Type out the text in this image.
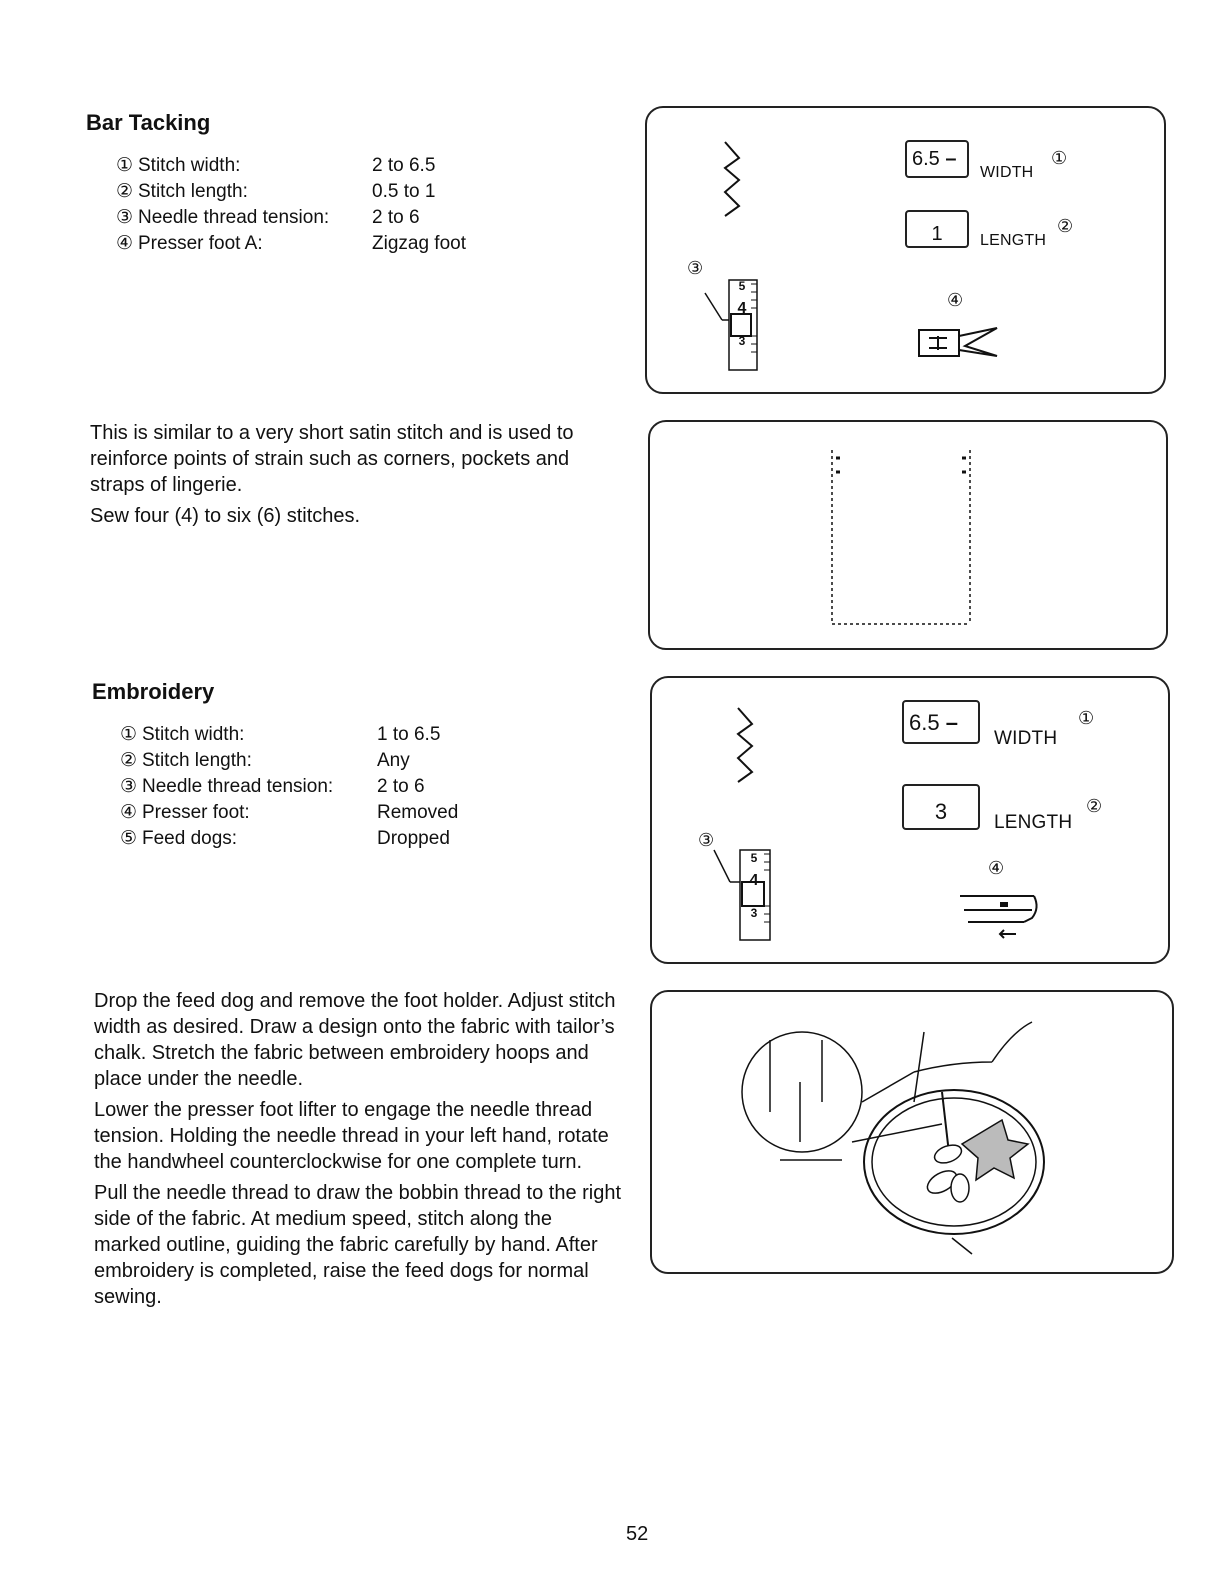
Bar Tacking
① Stitch width:	2 to 6.5
② Stitch length:	0.5 to 1
③ Needle thread tension:	2 to 6
④ Presser foot A:	Zigzag foot

This is similar to a very short satin stitch and is used to reinforce points of strain such as corners, pockets and straps of lingerie.

Sew four (4) to six (6) stitches.

5
4
3
③
6.5 –
WIDTH
①
1	LENGTH
②
④
Embroidery
① Stitch width:	1 to 6.5
② Stitch length:	Any
③ Needle thread tension:	2 to 6
④ Presser foot:	Removed
⑤ Feed dogs:	Dropped

Drop the feed dog and remove the foot holder. Adjust stitch width as desired. Draw a design onto the fabric with tailor’s chalk. Stretch the fabric between embroidery hoops and place under the needle.

Lower the presser foot lifter to engage the needle thread tension. Holding the needle thread in your left hand, rotate the handwheel counterclockwise for one complete turn.

Pull the needle thread to draw the bobbin thread to the right side of the fabric. At medium speed, stitch along the marked outline, guiding the fabric carefully by hand. After embroidery is completed, raise the feed dogs for normal sewing.

5
4
3
③
6.5 –
WIDTH
①
3	LENGTH
②
④
52
